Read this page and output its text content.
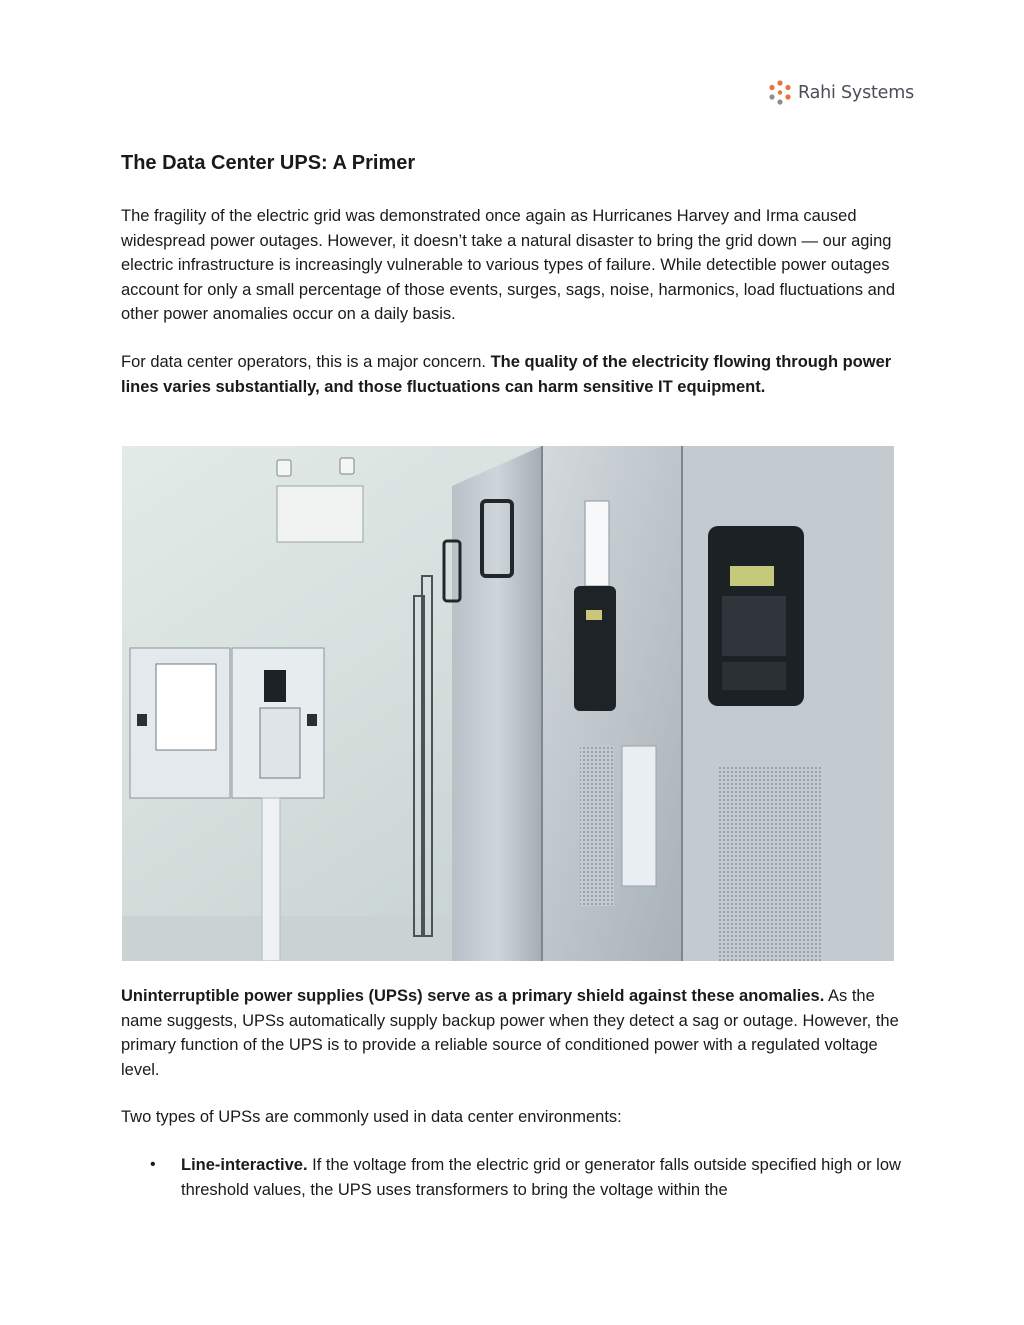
Rahi Systems
The Data Center UPS: A Primer

The fragility of the electric grid was demonstrated once again as Hurricanes Harvey and Irma caused widespread power outages. However, it doesn’t take a natural disaster to bring the grid down — our aging electric infrastructure is increasingly vulnerable to various types of failure. While detectible power outages account for only a small percentage of those events, surges, sags, noise, harmonics, load fluctuations and other power anomalies occur on a daily basis.

For data center operators, this is a major concern. The quality of the electricity flowing through power lines varies substantially, and those fluctuations can harm sensitive IT equipment.

Uninterruptible power supplies (UPSs) serve as a primary shield against these anomalies. As the name suggests, UPSs automatically supply backup power when they detect a sag or outage. However, the primary function of the UPS is to provide a reliable source of conditioned power with a regulated voltage level.

Two types of UPSs are commonly used in data center environments:

• Line-interactive. If the voltage from the electric grid or generator falls outside specified high or low threshold values, the UPS uses transformers to bring the voltage within the
